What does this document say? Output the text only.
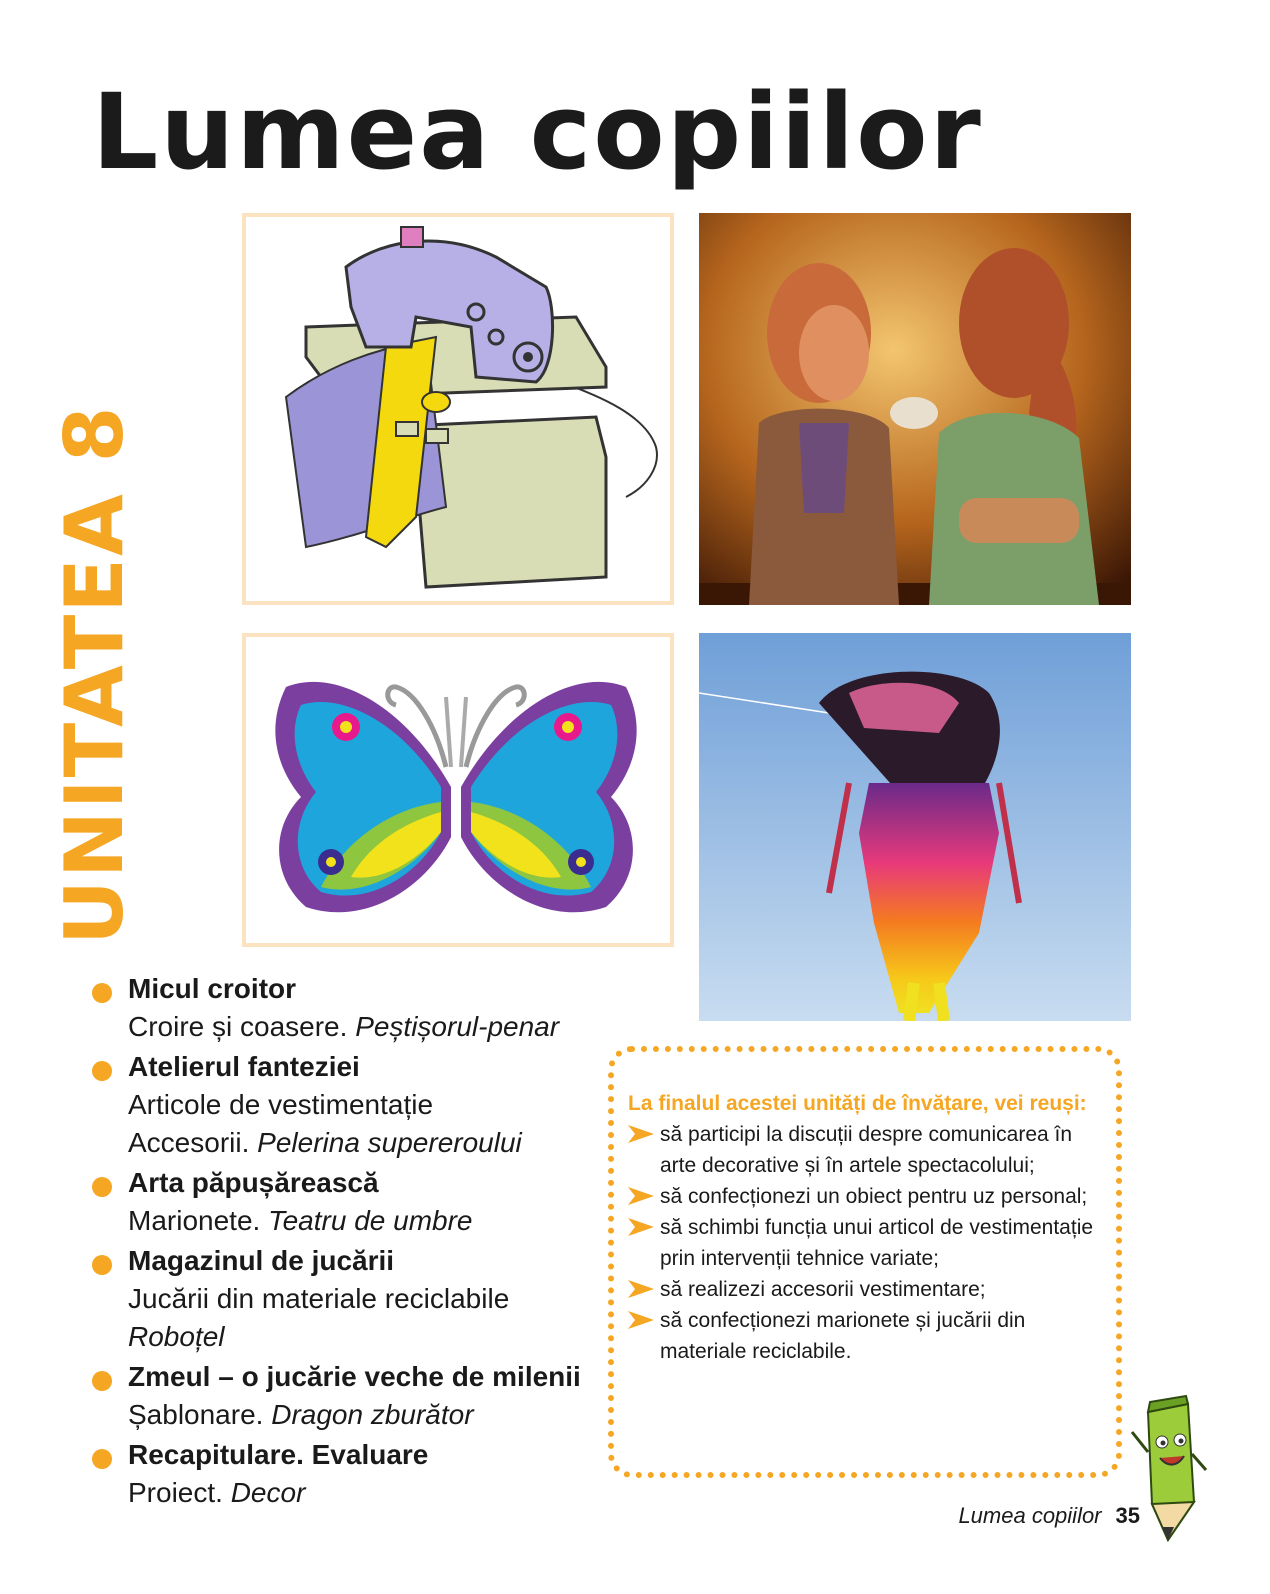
Lumea copiilor
UNITATEA 8
Micul croitor
Croire și coasere. Peștișorul-penar
Atelierul fanteziei
Articole de vestimentație
Accesorii. Pelerina supereroului
Arta păpușărească
Marionete. Teatru de umbre
Magazinul de jucării
Jucării din materiale reciclabile
Roboțel
Zmeul – o jucărie veche de milenii
Șablonare. Dragon zburător
Recapitulare. Evaluare
Proiect. Decor
La finalul acestei unități de învățare, vei reuși:
să participi la discuții despre comunicarea în arte decorative și în artele spectacolului;
să confecționezi un obiect pentru uz personal;
să schimbi funcția unui articol de vestimentație prin intervenții tehnice variate;
să realizezi accesorii vestimentare;
să confecționezi marionete și jucării din materiale reciclabile.
Lumea copiilor 35
